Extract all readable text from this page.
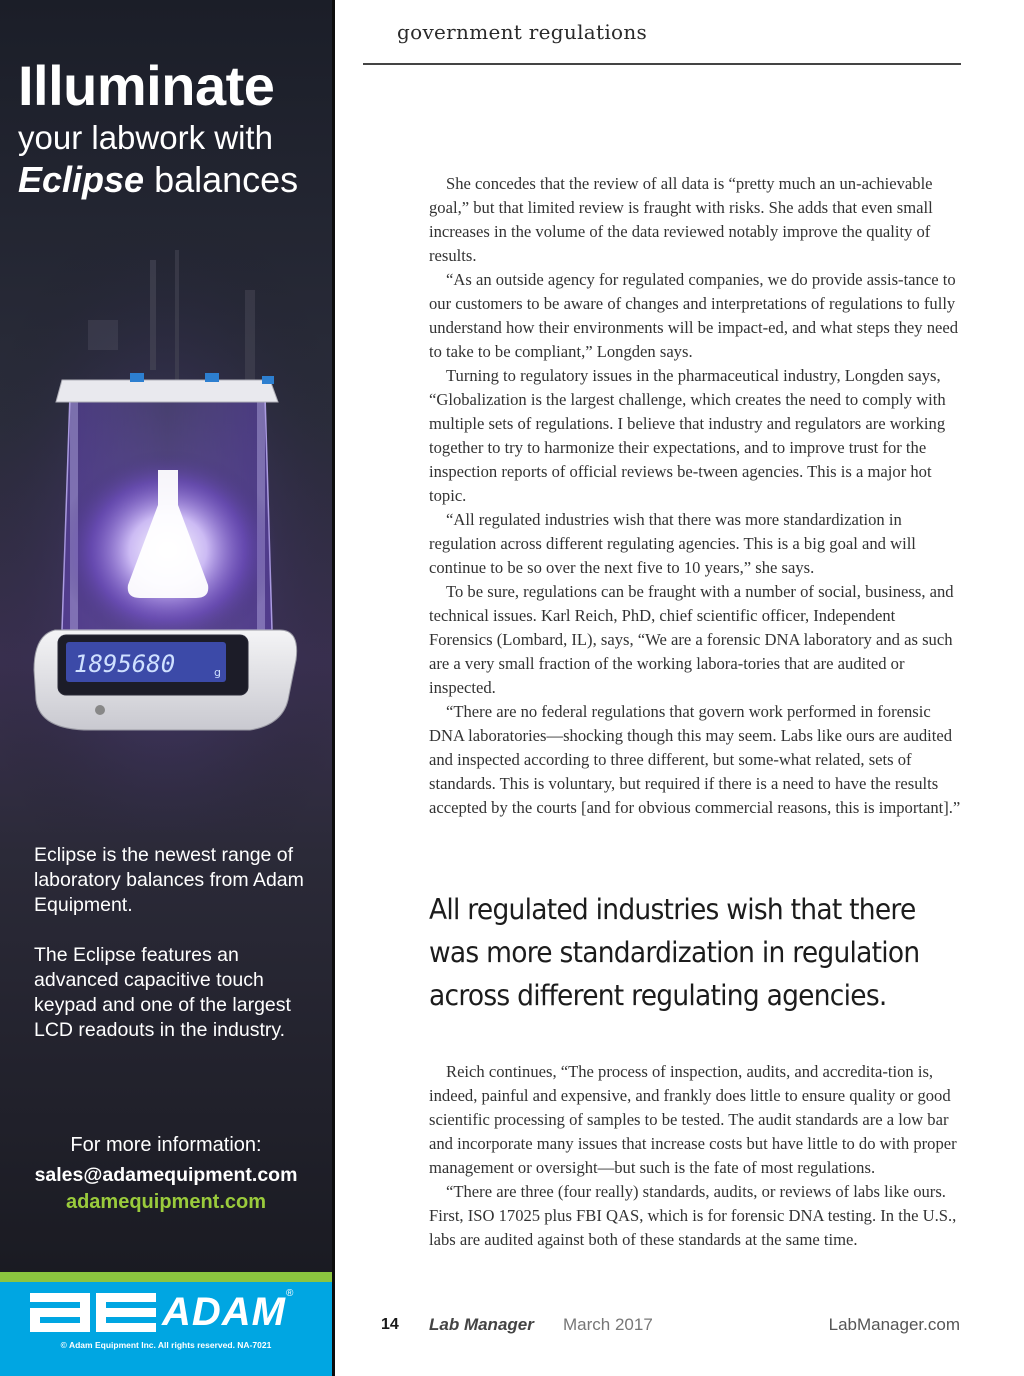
Illuminate
your labwork with
Eclipse balances
1895680	g
Eclipse is the newest range of laboratory balances from Adam Equipment.
The Eclipse features an advanced capacitive touch keypad and one of the largest LCD readouts in the industry.
For more information:
sales@adamequipment.com
adamequipment.com
ADAM ®
© Adam Equipment Inc. All rights reserved. NA-7021
government regulations

She concedes that the review of all data is “pretty much an un-achievable goal,” but that limited review is fraught with risks. She adds that even small increases in the volume of the data reviewed notably improve the quality of results.

“As an outside agency for regulated companies, we do provide assis-tance to our customers to be aware of changes and interpretations of regulations to fully understand how their environments will be impact-ed, and what steps they need to take to be compliant,” Longden says.

Turning to regulatory issues in the pharmaceutical industry, Longden says, “Globalization is the largest challenge, which creates the need to comply with multiple sets of regulations. I believe that industry and regulators are working together to try to harmonize their expectations, and to improve trust for the inspection reports of official reviews be-tween agencies. This is a major hot topic.

“All regulated industries wish that there was more standardization in regulation across different regulating agencies. This is a big goal and will continue to be so over the next five to 10 years,” she says.

To be sure, regulations can be fraught with a number of social, business, and technical issues. Karl Reich, PhD, chief scientific officer, Independent Forensics (Lombard, IL), says, “We are a forensic DNA laboratory and as such are a very small fraction of the working labora-tories that are audited or inspected.

“There are no federal regulations that govern work performed in forensic DNA laboratories—shocking though this may seem. Labs like ours are audited and inspected according to three different, but some-what related, sets of standards. This is voluntary, but required if there is a need to have the results accepted by the courts [and for obvious commercial reasons, this is important].”

All regulated industries wish that there was more standardization in regulation across different regulating agencies.

Reich continues, “The process of inspection, audits, and accredita-tion is, indeed, painful and expensive, and frankly does little to ensure quality or good scientific processing of samples to be tested. The audit standards are a low bar and incorporate many issues that increase costs but have little to do with proper management or oversight—but such is the fate of most regulations.

“There are three (four really) standards, audits, or reviews of labs like ours. First, ISO 17025 plus FBI QAS, which is for forensic DNA testing. In the U.S., labs are audited against both of these standards at the same time.

14 Lab Manager March 2017	LabManager.com
